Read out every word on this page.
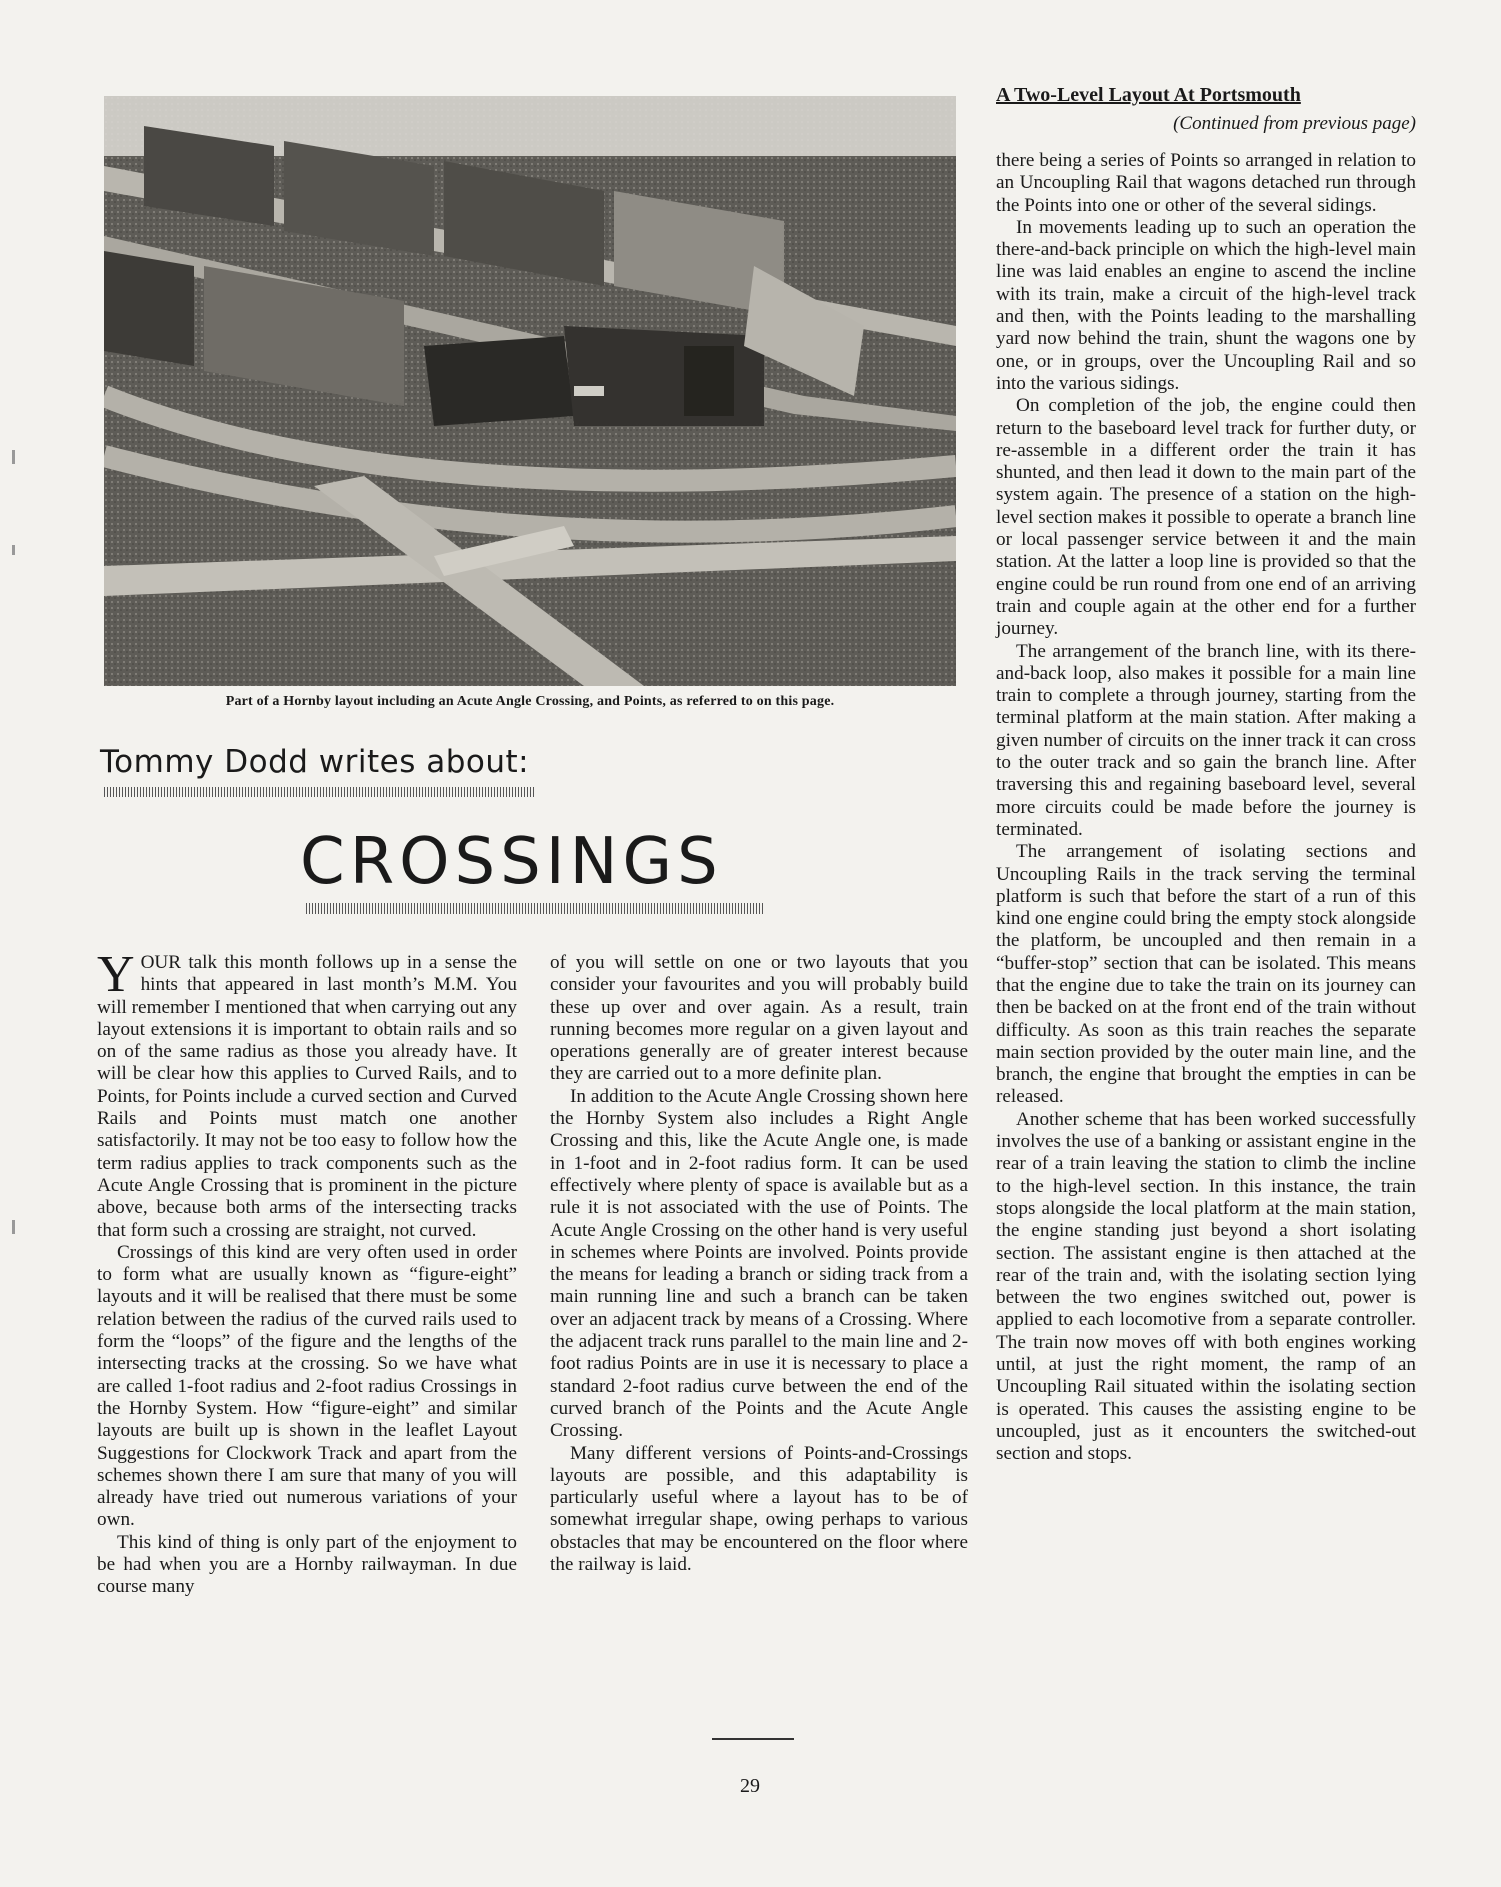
Part of a Hornby layout including an Acute Angle Crossing, and Points, as referred to on this page.
Tommy Dodd writes about:
CROSSINGS

YOUR talk this month follows up in a sense the hints that appeared in last month’s M.M. You will remember I mentioned that when carrying out any layout extensions it is important to obtain rails and so on of the same radius as those you already have. It will be clear how this applies to Curved Rails, and to Points, for Points include a curved section and Curved Rails and Points must match one another satisfactorily. It may not be too easy to follow how the term radius applies to track components such as the Acute Angle Crossing that is prominent in the picture above, because both arms of the intersecting tracks that form such a crossing are straight, not curved.

Crossings of this kind are very often used in order to form what are usually known as “figure-eight” layouts and it will be realised that there must be some relation between the radius of the curved rails used to form the “loops” of the figure and the lengths of the intersecting tracks at the crossing. So we have what are called 1-foot radius and 2-foot radius Crossings in the Hornby System. How “figure-eight” and similar layouts are built up is shown in the leaflet Layout Suggestions for Clockwork Track and apart from the schemes shown there I am sure that many of you will already have tried out numerous variations of your own.

This kind of thing is only part of the enjoyment to be had when you are a Hornby railwayman. In due course many

of you will settle on one or two layouts that you consider your favourites and you will probably build these up over and over again. As a result, train running becomes more regular on a given layout and operations generally are of greater interest because they are carried out to a more definite plan.

In addition to the Acute Angle Crossing shown here the Hornby System also includes a Right Angle Crossing and this, like the Acute Angle one, is made in 1-foot and in 2-foot radius form. It can be used effectively where plenty of space is available but as a rule it is not associated with the use of Points. The Acute Angle Crossing on the other hand is very useful in schemes where Points are involved. Points provide the means for leading a branch or siding track from a main running line and such a branch can be taken over an adjacent track by means of a Crossing. Where the adjacent track runs parallel to the main line and 2-foot radius Points are in use it is necessary to place a standard 2-foot radius curve between the end of the curved branch of the Points and the Acute Angle Crossing.

Many different versions of Points-and-Crossings layouts are possible, and this adaptability is particularly useful where a layout has to be of somewhat irregular shape, owing perhaps to various obstacles that may be encountered on the floor where the railway is laid.

A Two-Level Layout At Portsmouth
(Continued from previous page)

there being a series of Points so arranged in relation to an Uncoupling Rail that wagons detached run through the Points into one or other of the several sidings.

In movements leading up to such an operation the there-and-back principle on which the high-level main line was laid enables an engine to ascend the incline with its train, make a circuit of the high-level track and then, with the Points leading to the marshalling yard now behind the train, shunt the wagons one by one, or in groups, over the Uncoupling Rail and so into the various sidings.

On completion of the job, the engine could then return to the baseboard level track for further duty, or re-assemble in a different order the train it has shunted, and then lead it down to the main part of the system again. The presence of a station on the high-level section makes it possible to operate a branch line or local passenger service between it and the main station. At the latter a loop line is provided so that the engine could be run round from one end of an arriving train and couple again at the other end for a further journey.

The arrangement of the branch line, with its there-and-back loop, also makes it possible for a main line train to complete a through journey, starting from the terminal platform at the main station. After making a given number of circuits on the inner track it can cross to the outer track and so gain the branch line. After traversing this and regaining baseboard level, several more circuits could be made before the journey is terminated.

The arrangement of isolating sections and Uncoupling Rails in the track serving the terminal platform is such that before the start of a run of this kind one engine could bring the empty stock alongside the platform, be uncoupled and then remain in a “buffer-stop” section that can be isolated. This means that the engine due to take the train on its journey can then be backed on at the front end of the train without difficulty. As soon as this train reaches the separate main section provided by the outer main line, and the branch, the engine that brought the empties in can be released.

Another scheme that has been worked successfully involves the use of a banking or assistant engine in the rear of a train leaving the station to climb the incline to the high-level section. In this instance, the train stops alongside the local platform at the main station, the engine standing just beyond a short isolating section. The assistant engine is then attached at the rear of the train and, with the isolating section lying between the two engines switched out, power is applied to each locomotive from a separate controller. The train now moves off with both engines working until, at just the right moment, the ramp of an Uncoupling Rail situated within the isolating section is operated. This causes the assisting engine to be uncoupled, just as it encounters the switched-out section and stops.

29
